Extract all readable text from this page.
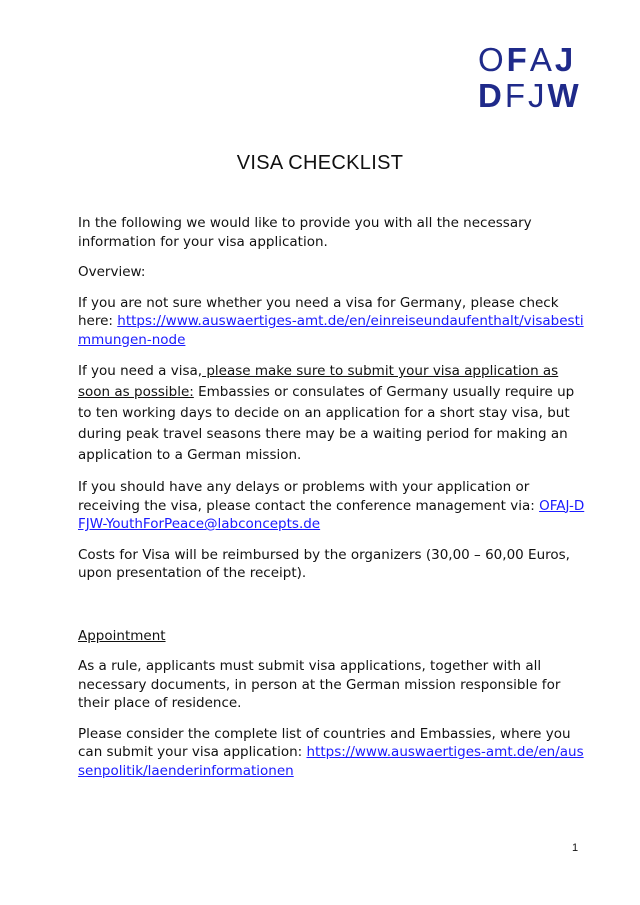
OFAJ
DFJW
VISA CHECKLIST

In the following we would like to provide you with all the necessary information for your visa application.

Overview:

If you are not sure whether you need a visa for Germany, please check here: https://www.auswaertiges-amt.de/en/einreiseundaufenthalt/visabestimmungen-node

If you need a visa, please make sure to submit your visa application as soon as possible: Embassies or consulates of Germany usually require up to ten working days to decide on an application for a short stay visa, but during peak travel seasons there may be a waiting period for making an application to a German mission.

If you should have any delays or problems with your application or receiving the visa, please contact the conference management via: OFAJ-DFJW-YouthForPeace@labconcepts.de

Costs for Visa will be reimbursed by the organizers (30,00 – 60,00 Euros, upon presentation of the receipt).

Appointment

As a rule, applicants must submit visa applications, together with all necessary documents, in person at the German mission responsible for their place of residence.

Please consider the complete list of countries and Embassies, where you can submit your visa application: https://www.auswaertiges-amt.de/en/aussenpolitik/laenderinformationen

1
